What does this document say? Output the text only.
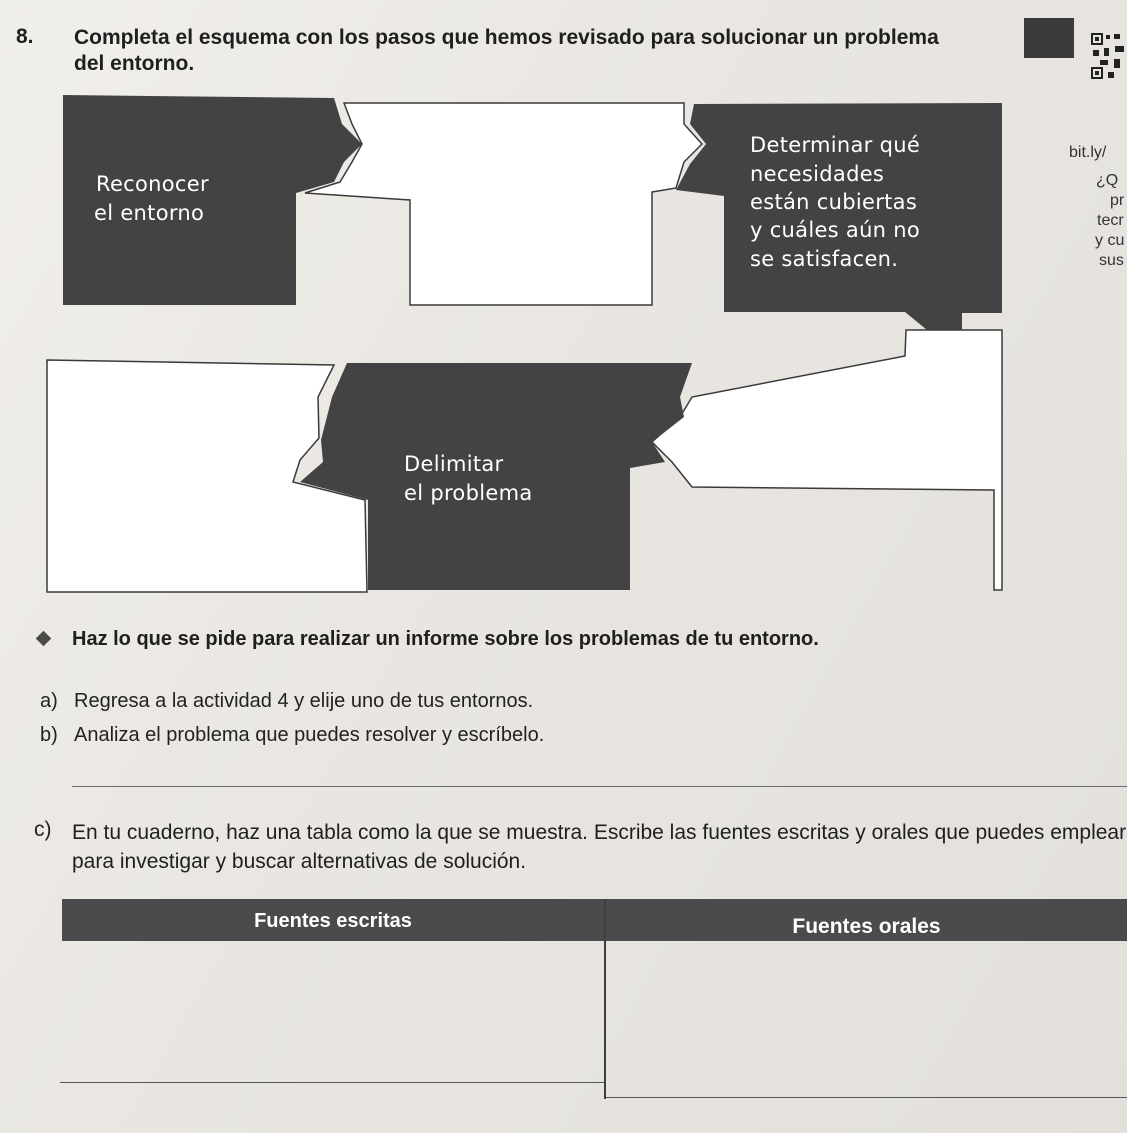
8. Completa el esquema con los pasos que hemos revisado para solucionar un problema del entorno.
bit.ly/
¿Q
pr
tecr
y cu
sus
Reconocer
el entorno
Determinar qué
necesidades
están cubiertas
y cuáles aún no
se satisfacen.
Delimitar
el problema
Haz lo que se pide para realizar un informe sobre los problemas de tu entorno.
a) Regresa a la actividad 4 y elije uno de tus entornos.
b) Analiza el problema que puedes resolver y escríbelo.
c) En tu cuaderno, haz una tabla como la que se muestra. Escribe las fuentes escritas y orales que puedes emplear para investigar y buscar alternativas de solución.
Fuentes escritas	Fuentes orales
